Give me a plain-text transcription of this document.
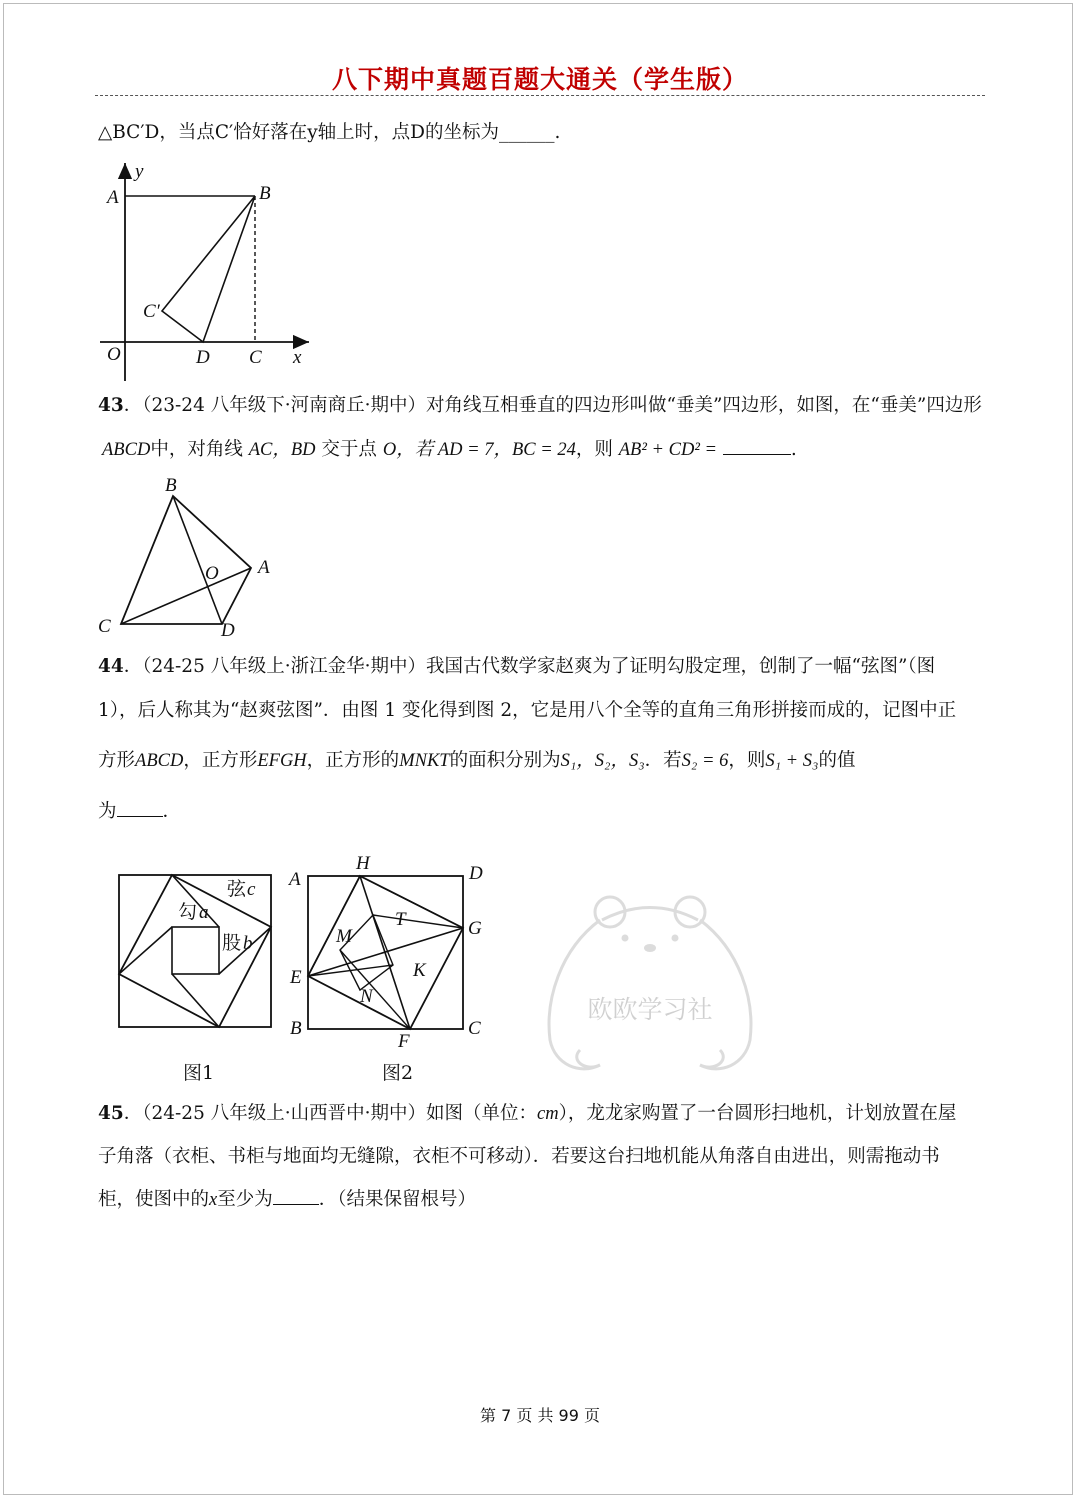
八下期中真题百题大通关（学生版）
△BC′D，当点C′恰好落在y轴上时，点D的坐标为______.
y
A	B
C′
O	D C x
43．（23-24 八年级下·河南商丘·期中）对角线互相垂直的四边形叫做“垂美”四边形，如图，在“垂美”四边形
ABCD中，对角线 AC，BD 交于点 O，若 AD = 7，BC = 24，则 AB² + CD² =	.
B
O A
C	D
44．（24-25 八年级上·浙江金华·期中）我国古代数学家赵爽为了证明勾股定理，创制了一幅“弦图”（图
1），后人称其为“赵爽弦图”．由图 1 变化得到图 2，它是用八个全等的直角三角形拼接而成的，记图中正
方形ABCD，正方形EFGH，正方形的MNKT的面积分别为S₁，S₂，S₃．若S₂ = 6，则S₁ + S₃的值
为 ．
弦 c
勾 a
股 b
图1
H	D
A
G
T
M
K
E
N
B
F
C
图2
欧欧学习社
45．（24-25 八年级上·山西晋中·期中）如图（单位：cm），龙龙家购置了一台圆形扫地机，计划放置在屋
子角落（衣柜、书柜与地面均无缝隙，衣柜不可移动）．若要这台扫地机能从角落自由进出，则需拖动书
柜，使图中的x至少为 ．（结果保留根号）
第 7 页 共 99 页
